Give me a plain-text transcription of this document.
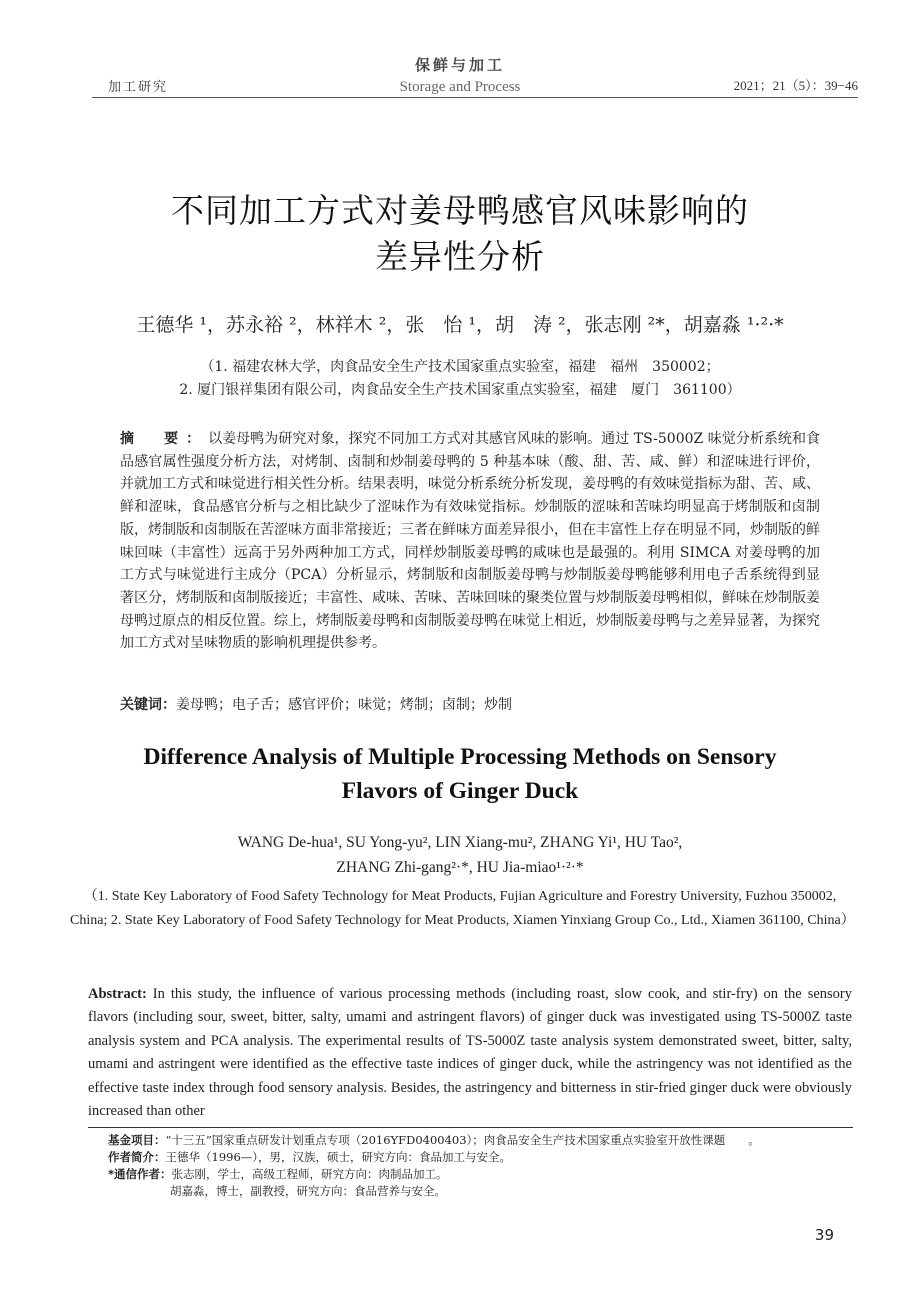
加工研究
保鲜与加工
Storage and Process	2021；21（5）：39−46
不同加工方式对姜母鸭感官风味影响的
差异性分析
王德华 ¹，苏永裕 ²，林祥木 ²，张　怡 ¹，胡　涛 ²，张志刚 ²*，胡嘉淼 ¹·²·*
（1. 福建农林大学，肉食品安全生产技术国家重点实验室，福建　福州　350002；
2. 厦门银祥集团有限公司，肉食品安全生产技术国家重点实验室，福建　厦门　361100）
摘　要：以姜母鸭为研究对象，探究不同加工方式对其感官风味的影响。通过 TS-5000Z 味觉分析系统和食品感官属性强度分析方法，对烤制、卤制和炒制姜母鸭的 5 种基本味（酸、甜、苦、咸、鲜）和涩味进行评价，并就加工方式和味觉进行相关性分析。结果表明，味觉分析系统分析发现，姜母鸭的有效味觉指标为甜、苦、咸、鲜和涩味，食品感官分析与之相比缺少了涩味作为有效味觉指标。炒制版的涩味和苦味均明显高于烤制版和卤制版，烤制版和卤制版在苦涩味方面非常接近；三者在鲜味方面差异很小，但在丰富性上存在明显不同，炒制版的鲜味回味（丰富性）远高于另外两种加工方式，同样炒制版姜母鸭的咸味也是最强的。利用 SIMCA 对姜母鸭的加工方式与味觉进行主成分（PCA）分析显示，烤制版和卤制版姜母鸭与炒制版姜母鸭能够利用电子舌系统得到显著区分，烤制版和卤制版接近；丰富性、咸味、苦味、苦味回味的聚类位置与炒制版姜母鸭相似，鲜味在炒制版姜母鸭过原点的相反位置。综上，烤制版姜母鸭和卤制版姜母鸭在味觉上相近，炒制版姜母鸭与之差异显著，为探究加工方式对呈味物质的影响机理提供参考。
关键词：姜母鸭；电子舌；感官评价；味觉；烤制；卤制；炒制
Difference Analysis of Multiple Processing Methods on Sensory
Flavors of Ginger Duck
WANG De-hua¹, SU Yong-yu², LIN Xiang-mu², ZHANG Yi¹, HU Tao²,
ZHANG Zhi-gang²·*, HU Jia-miao¹·²·*
（1. State Key Laboratory of Food Safety Technology for Meat Products, Fujian Agriculture and Forestry University, Fuzhou 350002, China; 2. State Key Laboratory of Food Safety Technology for Meat Products, Xiamen Yinxiang Group Co., Ltd., Xiamen 361100, China）
Abstract: In this study, the influence of various processing methods (including roast, slow cook, and stir-fry) on the sensory flavors (including sour, sweet, bitter, salty, umami and astringent flavors) of ginger duck was investigated using TS-5000Z taste analysis system and PCA analysis. The experimental results of TS-5000Z taste analysis system demonstrated sweet, bitter, salty, umami and astringent were identified as the effective taste indices of ginger duck, while the astringency was not identified as the effective taste index through food sensory analysis. Besides, the astringency and bitterness in stir-fried ginger duck were obviously increased than other
基金项目：“十三五”国家重点研发计划重点专项（2016YFD0400403）；肉食品安全生产技术国家重点实验室开放性课题　　。
作者简介：王德华（1996—），男，汉族，硕士，研究方向：食品加工与安全。
*通信作者：张志刚，学士，高级工程师，研究方向：肉制品加工。
胡嘉淼，博士，副教授，研究方向：食品营养与安全。
39
